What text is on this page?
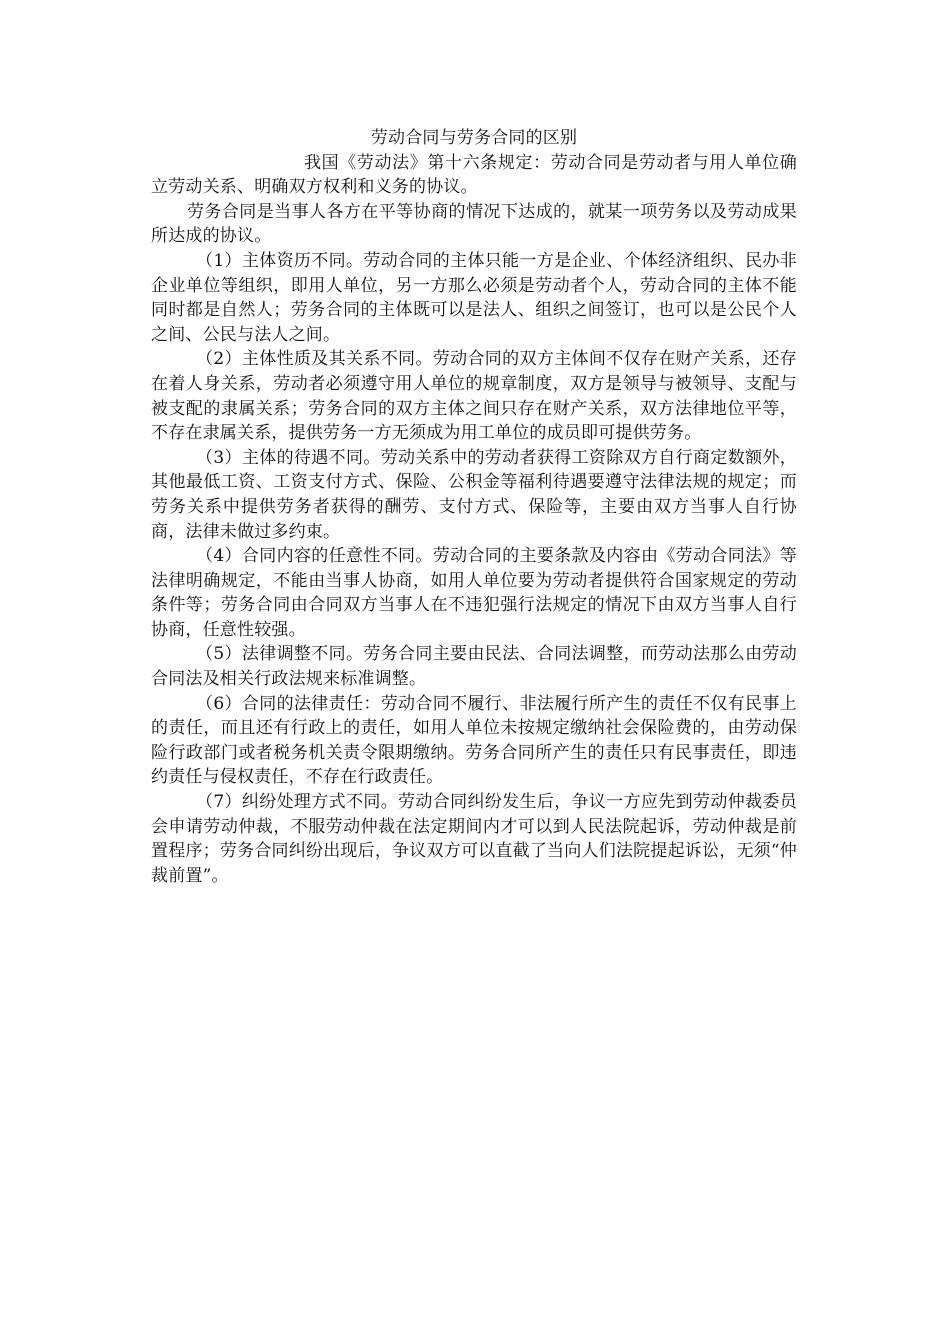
劳动合同与劳务合同的区别

我国《劳动法》第十六条规定：劳动合同是劳动者与用人单位确立劳动关系、明确双方权利和义务的协议。

劳务合同是当事人各方在平等协商的情况下达成的，就某一项劳务以及劳动成果所达成的协议。

（1）主体资历不同。劳动合同的主体只能一方是企业、个体经济组织、民办非企业单位等组织，即用人单位，另一方那么必须是劳动者个人，劳动合同的主体不能同时都是自然人；劳务合同的主体既可以是法人、组织之间签订，也可以是公民个人之间、公民与法人之间。

（2）主体性质及其关系不同。劳动合同的双方主体间不仅存在财产关系，还存在着人身关系，劳动者必须遵守用人单位的规章制度，双方是领导与被领导、支配与被支配的隶属关系；劳务合同的双方主体之间只存在财产关系，双方法律地位平等，不存在隶属关系，提供劳务一方无须成为用工单位的成员即可提供劳务。

（3）主体的待遇不同。劳动关系中的劳动者获得工资除双方自行商定数额外，其他最低工资、工资支付方式、保险、公积金等福利待遇要遵守法律法规的规定；而劳务关系中提供劳务者获得的酬劳、支付方式、保险等，主要由双方当事人自行协商，法律未做过多约束。

（4）合同内容的任意性不同。劳动合同的主要条款及内容由《劳动合同法》等法律明确规定，不能由当事人协商，如用人单位要为劳动者提供符合国家规定的劳动条件等；劳务合同由合同双方当事人在不违犯强行法规定的情况下由双方当事人自行协商，任意性较强。

（5）法律调整不同。劳务合同主要由民法、合同法调整，而劳动法那么由劳动合同法及相关行政法规来标准调整。

（6）合同的法律责任：劳动合同不履行、非法履行所产生的责任不仅有民事上的责任，而且还有行政上的责任，如用人单位未按规定缴纳社会保险费的，由劳动保险行政部门或者税务机关责令限期缴纳。劳务合同所产生的责任只有民事责任，即违约责任与侵权责任，不存在行政责任。

（7）纠纷处理方式不同。劳动合同纠纷发生后，争议一方应先到劳动仲裁委员会申请劳动仲裁，不服劳动仲裁在法定期间内才可以到人民法院起诉，劳动仲裁是前置程序；劳务合同纠纷出现后，争议双方可以直截了当向人们法院提起诉讼，无须“仲裁前置”。
